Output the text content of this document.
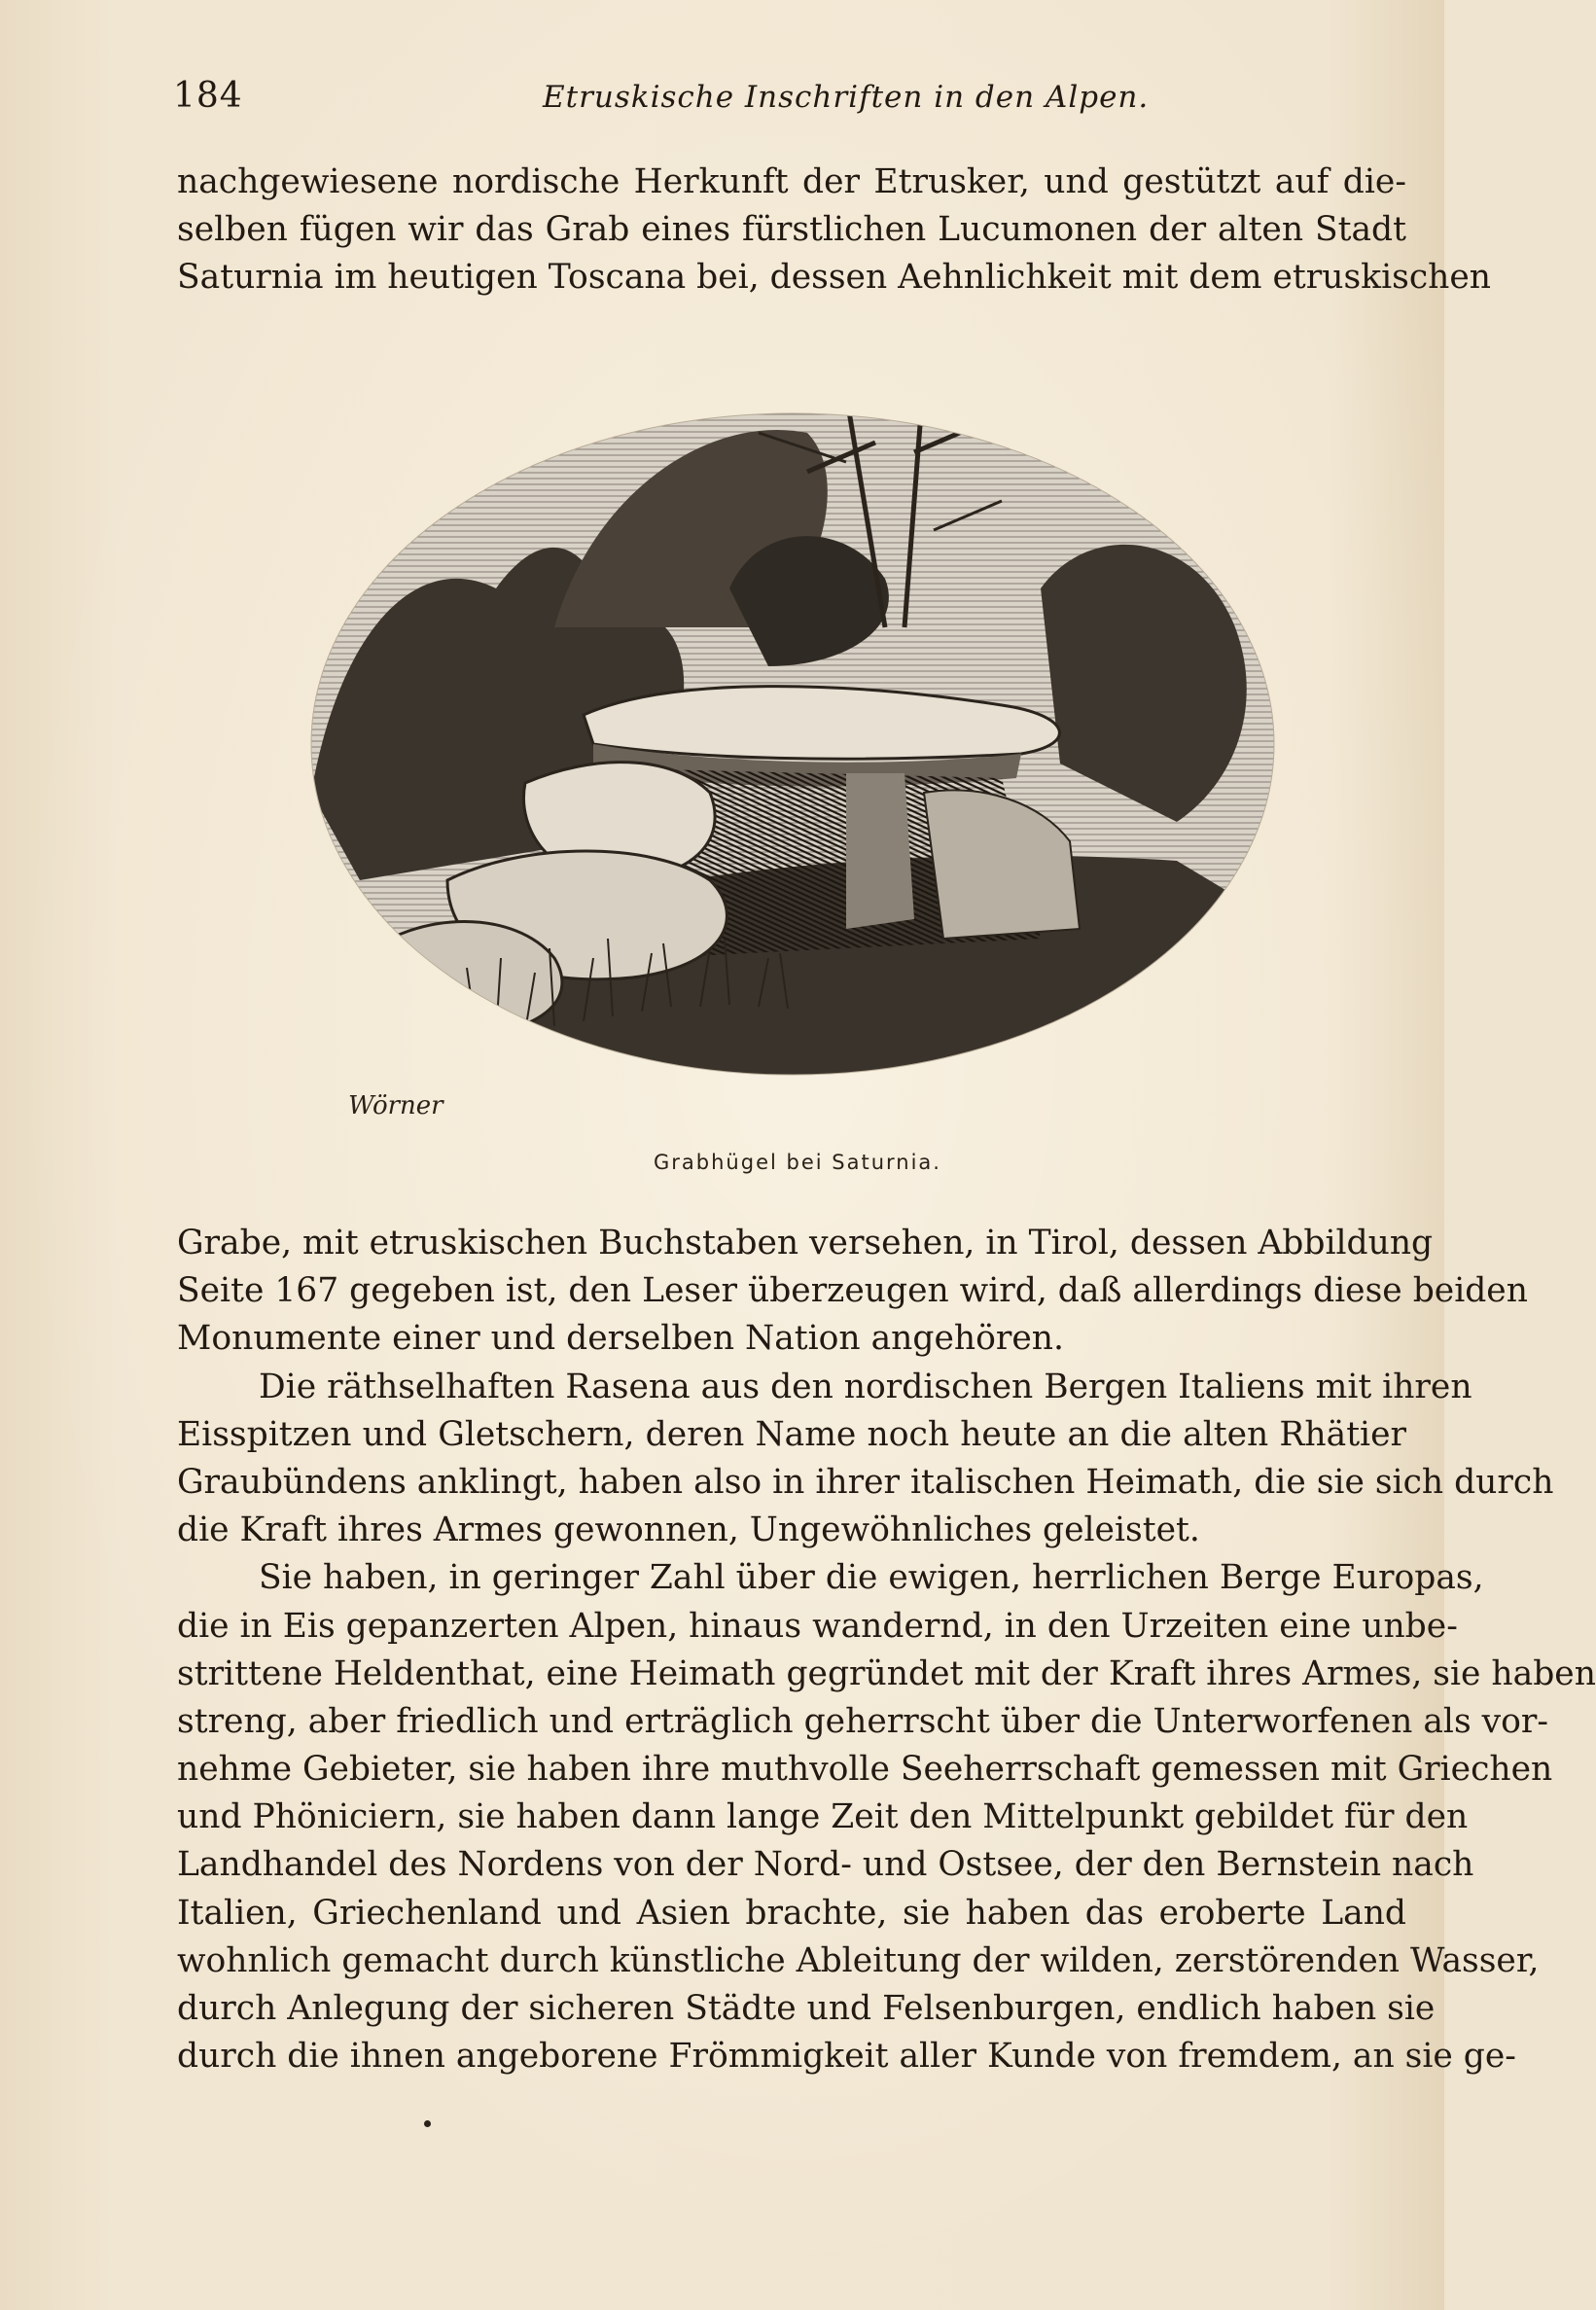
184	Etruskische Inschriften in den Alpen.
nachgewiesene nordische Herkunft der Etrusker, und gestützt auf die-
selben fügen wir das Grab eines fürstlichen Lucumonen der alten Stadt
Saturnia im heutigen Toscana bei, dessen Aehnlichkeit mit dem etruskischen
Wörner
Grabhügel bei Saturnia.
Grabe, mit etruskischen Buchstaben versehen, in Tirol, dessen Abbildung
Seite 167 gegeben ist, den Leser überzeugen wird, daß allerdings diese beiden
Monumente einer und derselben Nation angehören.
Die räthselhaften Rasena aus den nordischen Bergen Italiens mit ihren
Eisspitzen und Gletschern, deren Name noch heute an die alten Rhätier
Graubündens anklingt, haben also in ihrer italischen Heimath, die sie sich durch
die Kraft ihres Armes gewonnen, Ungewöhnliches geleistet.
Sie haben, in geringer Zahl über die ewigen, herrlichen Berge Europas,
die in Eis gepanzerten Alpen, hinaus wandernd, in den Urzeiten eine unbe-
strittene Heldenthat, eine Heimath gegründet mit der Kraft ihres Armes, sie haben
streng, aber friedlich und erträglich geherrscht über die Unterworfenen als vor-
nehme Gebieter, sie haben ihre muthvolle Seeherrschaft gemessen mit Griechen
und Phöniciern, sie haben dann lange Zeit den Mittelpunkt gebildet für den
Landhandel des Nordens von der Nord- und Ostsee, der den Bernstein nach
Italien, Griechenland und Asien brachte, sie haben das eroberte Land
wohnlich gemacht durch künstliche Ableitung der wilden, zerstörenden Wasser,
durch Anlegung der sicheren Städte und Felsenburgen, endlich haben sie
durch die ihnen angeborene Frömmigkeit aller Kunde von fremdem, an sie ge-
